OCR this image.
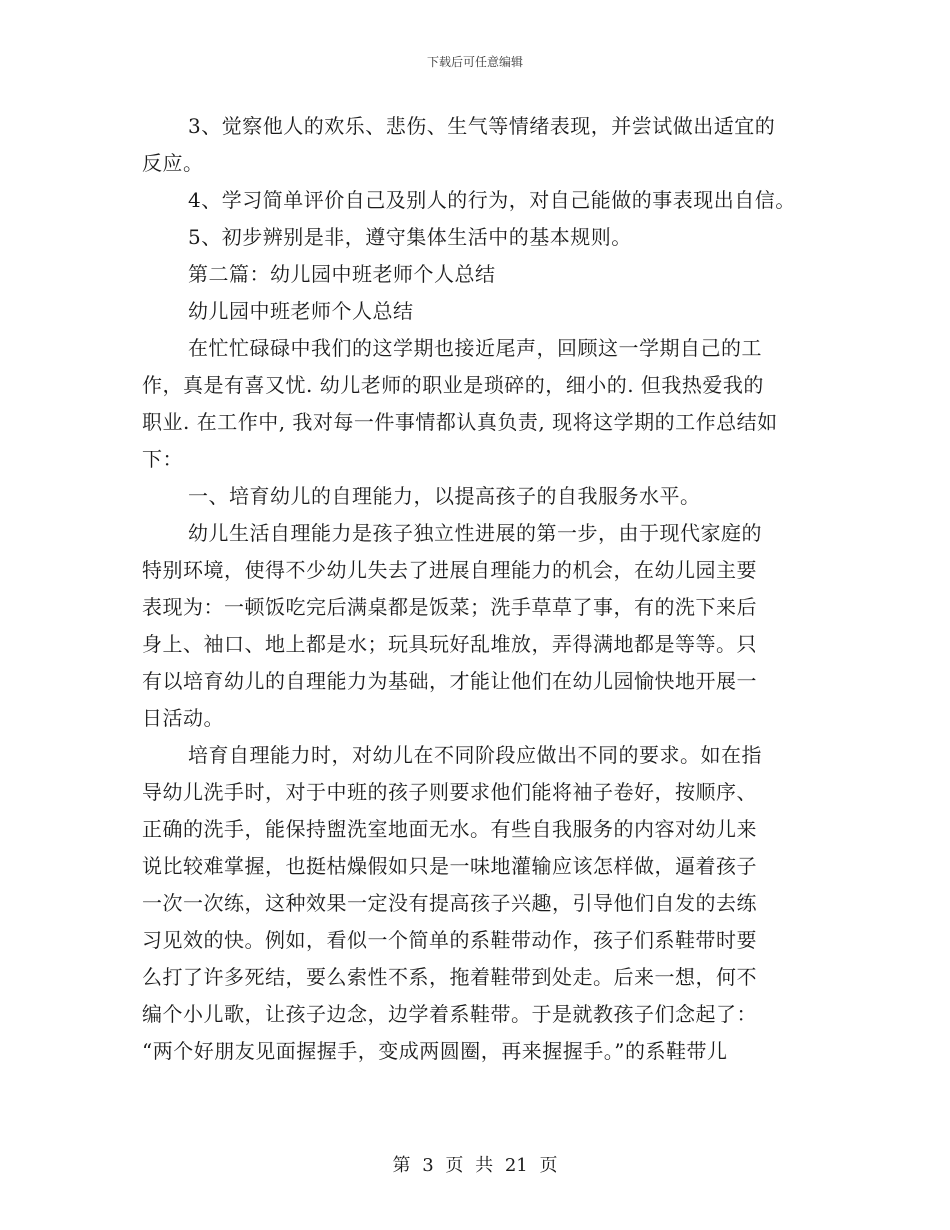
下载后可任意编辑
3、觉察他人的欢乐、悲伤、生气等情绪表现，并尝试做出适宜的
反应。
4、学习简单评价自己及别人的行为，对自己能做的事表现出自信。
5、初步辨别是非，遵守集体生活中的基本规则。
第二篇：幼儿园中班老师个人总结
幼儿园中班老师个人总结
在忙忙碌碌中我们的这学期也接近尾声，回顾这一学期自己的工
作，真是有喜又忧. 幼儿老师的职业是琐碎的，细小的. 但我热爱我的
职业. 在工作中, 我对每一件事情都认真负责, 现将这学期的工作总结如
下：
一、培育幼儿的自理能力，以提高孩子的自我服务水平。
幼儿生活自理能力是孩子独立性进展的第一步，由于现代家庭的
特别环境，使得不少幼儿失去了进展自理能力的机会，在幼儿园主要
表现为：一顿饭吃完后满桌都是饭菜；洗手草草了事，有的洗下来后
身上、袖口、地上都是水；玩具玩好乱堆放，弄得满地都是等等。只
有以培育幼儿的自理能力为基础，才能让他们在幼儿园愉快地开展一
日活动。
培育自理能力时，对幼儿在不同阶段应做出不同的要求。如在指
导幼儿洗手时，对于中班的孩子则要求他们能将袖子卷好，按顺序、
正确的洗手，能保持盥洗室地面无水。有些自我服务的内容对幼儿来
说比较难掌握，也挺枯燥假如只是一味地灌输应该怎样做，逼着孩子
一次一次练，这种效果一定没有提高孩子兴趣，引导他们自发的去练
习见效的快。例如，看似一个简单的系鞋带动作，孩子们系鞋带时要
么打了许多死结，要么索性不系，拖着鞋带到处走。后来一想，何不
编个小儿歌，让孩子边念，边学着系鞋带。于是就教孩子们念起了：
“两个好朋友见面握握手，变成两圆圈，再来握握手。”的系鞋带儿
第 3 页 共 21 页
